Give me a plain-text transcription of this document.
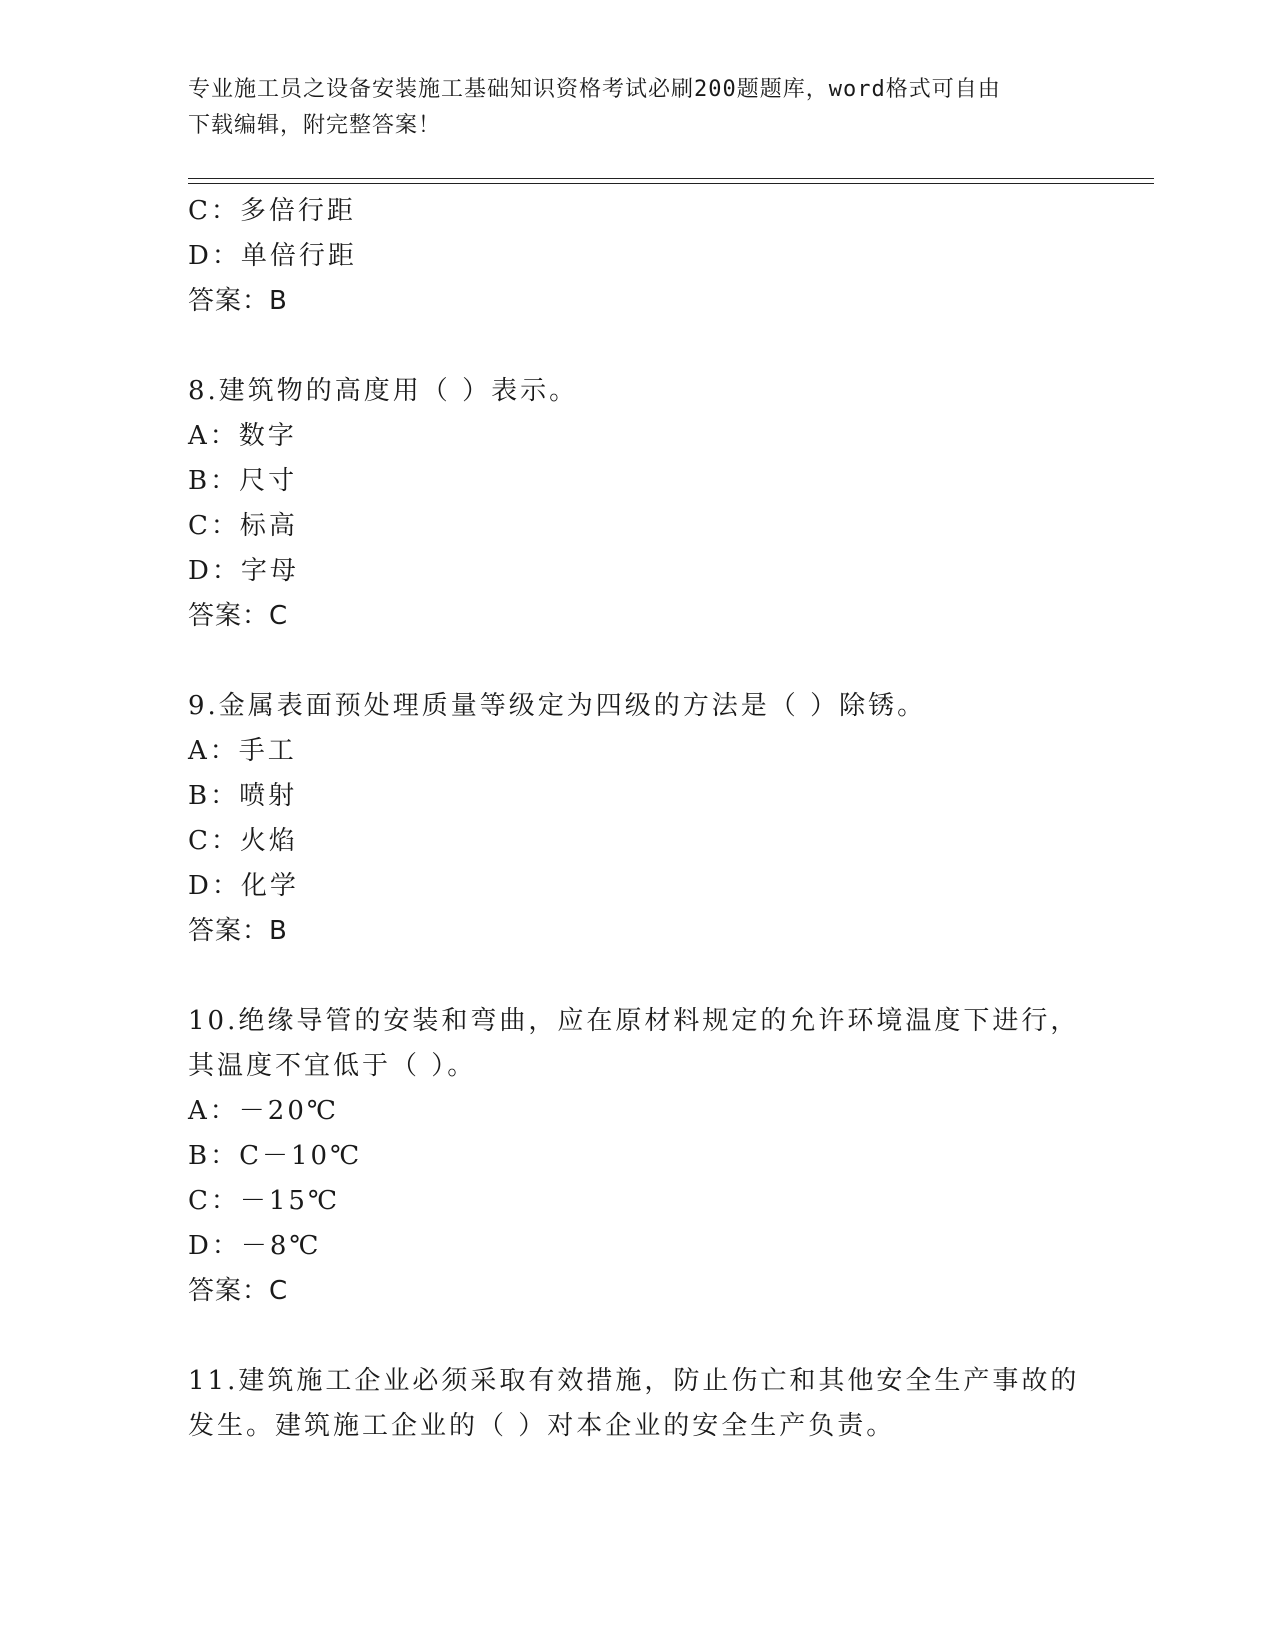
专业施工员之设备安装施工基础知识资格考试必刷200题题库，word格式可自由
下载编辑，附完整答案！
C：多倍行距
D：单倍行距
答案：B
8.建筑物的高度用（ ）表示。
A：数字
B：尺寸
C：标高
D：字母
答案：C
9.金属表面预处理质量等级定为四级的方法是（ ）除锈。
A：手工
B：喷射
C：火焰
D：化学
答案：B
10.绝缘导管的安装和弯曲，应在原材料规定的允许环境温度下进行，
其温度不宜低于（ ）。
A：－20℃
B：C－10℃
C：－15℃
D：－8℃
答案：C
11.建筑施工企业必须采取有效措施，防止伤亡和其他安全生产事故的
发生。建筑施工企业的（ ）对本企业的安全生产负责。
